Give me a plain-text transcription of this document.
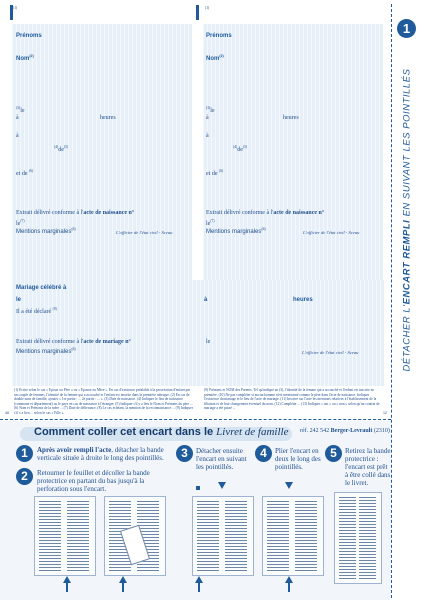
(1)	(1)
Prénoms
Nom$^{(2)}$
$^{(3)}$le
heures
à
à
$^{(4)}de^{(5)}$
et de $^{(6)}$
Extrait délivré conforme à l'acte de naissance n°
$le^{(7)}$
Mentions marginales$^{(8)}$
L'officier de l'état civil - Sceau
Prénoms
Nom$^{(2)}$
$^{(3)}$le
heures
à
à
$^{(4)}de^{(5)}$
et de $^{(6)}$
Extrait délivré conforme à l'acte de naissance n°
$le^{(7)}$
Mentions marginales$^{(8)}$
L'officier de l'état civil - Sceau
Mariage célébré à
le	à	heures
Il a été déclaré $^{(9)}$
Extrait délivré conforme à l'acte de mariage n°	le
Mentions marginales$^{(8)}$
L'officier de l'état civil - Sceau
(1) Écrire selon le cas « Époux ou Père » ou « Épouse ou Mère ». En cas d'existence préalable à la procréation d'enfant par un couple de femmes, l'identité de la femme qui a accouché et l'enfant est inscrite dans la première rubrique. (2) En cas de double nom de famille, ajouter « 1re partie : ... 2e partie : ... ». (3) Date de naissance. (4) Indiquer le lieu de naissance (commune et département) ou le pays en cas de naissance à l'étranger. (5) Indiquer s'il y a lieu le Nom et Prénoms du père ... (6) Nom et Prénoms de la mère ... (7) Date de délivrance. (8) Le cas échéant, la mention de la reconnaissance ... (9) Indiquer s'il y a lieu ... selon le cas « Fille ».
(9) Prénoms et NOM des Parents. Tel qu'indiqué au (3), l'identité de la femme qui a accouché et l'enfant est inscrite en première. (10) Ne pas compléter si aucun homme n'est mentionné comme le père dans l'acte de naissance. Indiquer l'existence du mariage et le lieu de l'acte de mariage. (11) Inscrire sur l'acte les mentions relatives à l'établissement de la filiation et de leur changement éventuel du nom. (12) Compléter ... (13) Indiquer « oui » ou « non » selon qu'un contrat de mariage a été passé ...
48	12
1
DÉTACHER L'ENCART REMPLI EN SUIVANT LES POINTILLÉS
Comment coller cet encart dans le Livret de famille réf. 242 542 Berger-Levrault (2310)
1	Après avoir rempli l'acte, détacher la bande verticale située à droite le long des pointillés.
2	Retourner le feuillet et décoller la bande protectrice en partant du bas jusqu'à la perforation sous l'encart.
3	Détacher ensuite l'encart en suivant les pointillés.
4	Plier l'encart en deux le long des pointillés.
5	Retirez la bande protectrice : l'encart est prêt à être collé dans le livret.
